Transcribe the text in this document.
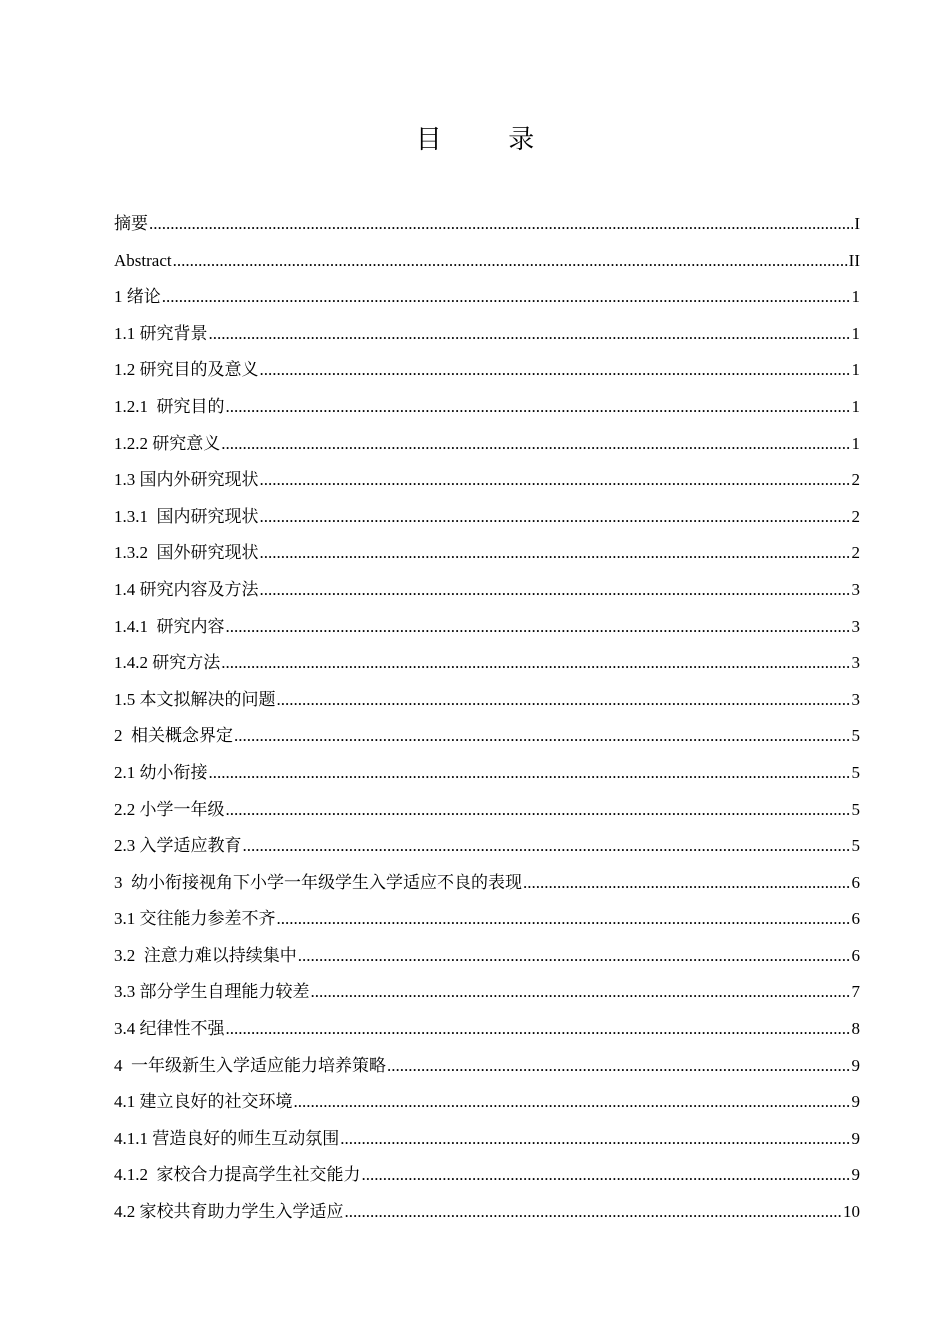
目 录
摘要 .....	I
Abstract .....	II
1 绪论 .....	1
1.1 研究背景 .....	1
1.2 研究目的及意义 .....	1
1.2.1  研究目的 .....	1
1.2.2 研究意义 .....	1
1.3 国内外研究现状 .....	2
1.3.1  国内研究现状 .....	2
1.3.2  国外研究现状 .....	2
1.4 研究内容及方法 .....	3
1.4.1  研究内容 .....	3
1.4.2 研究方法 .....	3
1.5 本文拟解决的问题 .....	3
2  相关概念界定 .....	5
2.1 幼小衔接 .....	5
2.2 小学一年级 .....	5
2.3 入学适应教育 .....	5
3  幼小衔接视角下小学一年级学生入学适应不良的表现 .....	6
3.1 交往能力参差不齐 .....	6
3.2  注意力难以持续集中 .....	6
3.3 部分学生自理能力较差 .....	7
3.4 纪律性不强 .....	8
4  一年级新生入学适应能力培养策略 .....	9
4.1 建立良好的社交环境 .....	9
4.1.1 营造良好的师生互动氛围 .....	9
4.1.2  家校合力提高学生社交能力 .....	9
4.2 家校共育助力学生入学适应 .....	10
